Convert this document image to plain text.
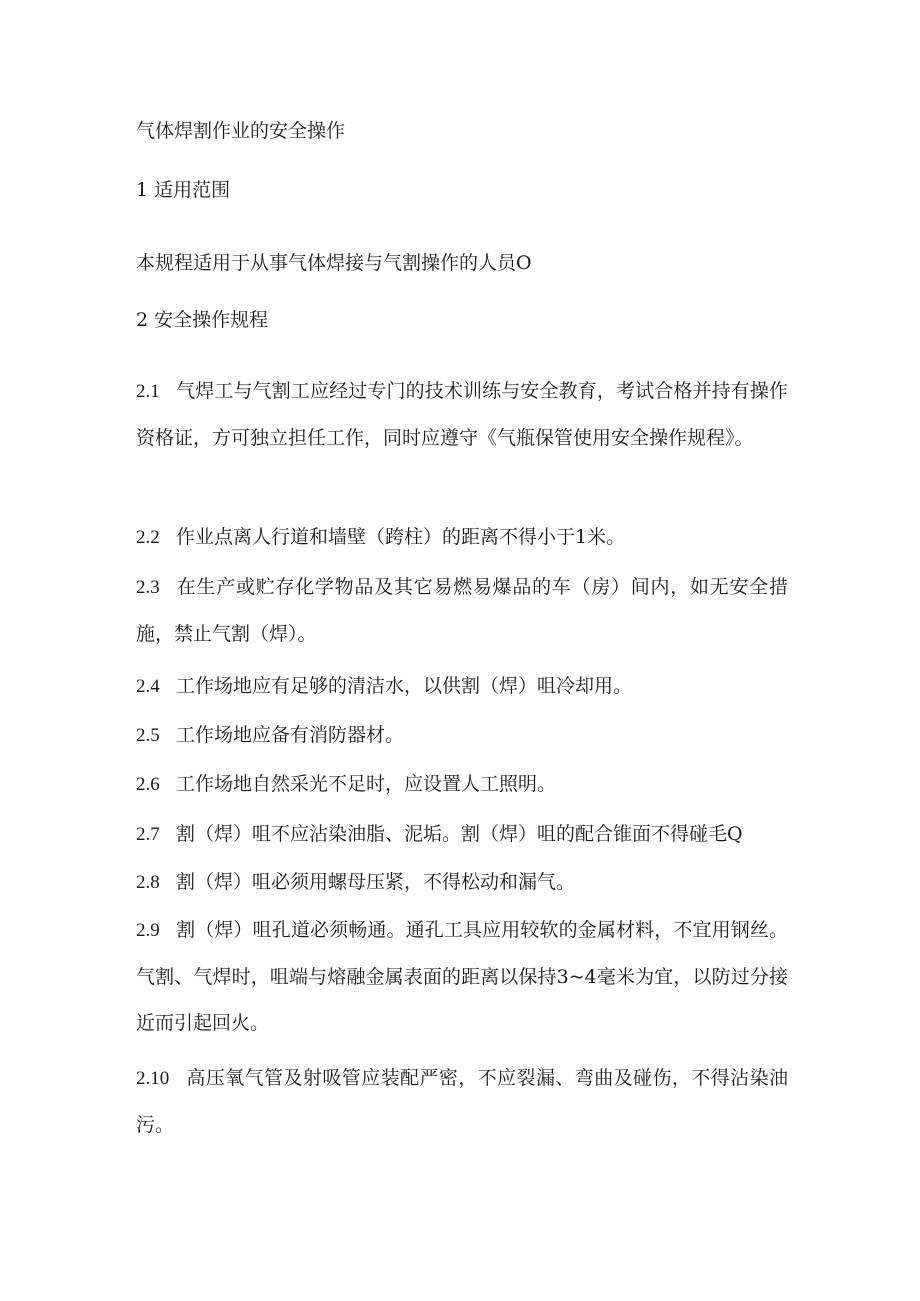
气体焊割作业的安全操作
1 适用范围
本规程适用于从事气体焊接与气割操作的人员O
2 安全操作规程
2.1 气焊工与气割工应经过专门的技术训练与安全教育，考试合格并持有操作资格证，方可独立担任工作，同时应遵守《气瓶保管使用安全操作规程》。
2.2 作业点离人行道和墙壁（跨柱）的距离不得小于1米。
2.3 在生产或贮存化学物品及其它易燃易爆品的车（房）间内，如无安全措施，禁止气割（焊）。
2.4 工作场地应有足够的清洁水，以供割（焊）咀冷却用。
2.5 工作场地应备有消防器材。
2.6 工作场地自然采光不足时，应设置人工照明。
2.7 割（焊）咀不应沾染油脂、泥垢。割（焊）咀的配合锥面不得碰毛Q
2.8 割（焊）咀必须用螺母压紧，不得松动和漏气。
2.9 割（焊）咀孔道必须畅通。通孔工具应用较软的金属材料，不宜用钢丝。气割、气焊时，咀端与熔融金属表面的距离以保持3~4毫米为宜，以防过分接近而引起回火。
2.10 高压氧气管及射吸管应装配严密，不应裂漏、弯曲及碰伤，不得沾染油污。
